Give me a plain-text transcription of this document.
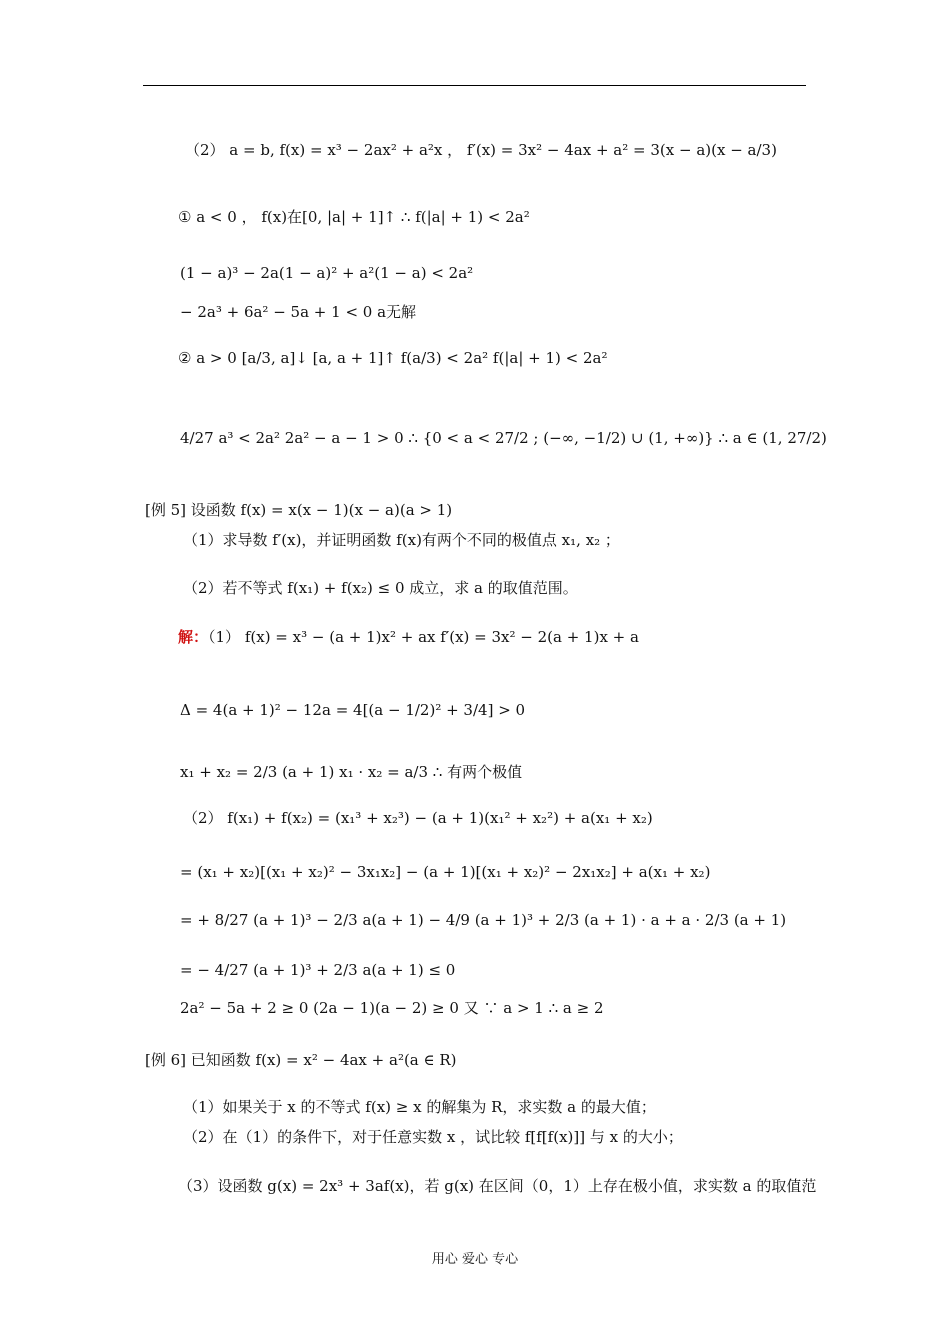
（2） a = b, f(x) = x³ − 2ax² + a²x ， f′(x) = 3x² − 4ax + a² = 3(x − a)(x − a/3)
① a < 0 ， f(x)在[0, |a| + 1]↑ ∴ f(|a| + 1) < 2a²
(1 − a)³ − 2a(1 − a)² + a²(1 − a) < 2a²
− 2a³ + 6a² − 5a + 1 < 0 a无解
② a > 0 [a/3, a]↓ [a, a + 1]↑ f(a/3) < 2a² f(|a| + 1) < 2a²
4/27 a³ < 2a² 2a² − a − 1 > 0 ∴ {0 < a < 27/2 ; (−∞, −1/2) ∪ (1, +∞)} ∴ a ∈ (1, 27/2)
[例 5] 设函数 f(x) = x(x − 1)(x − a)(a > 1)
（1）求导数 f′(x)，并证明函数 f(x)有两个不同的极值点 x₁, x₂ ；
（2）若不等式 f(x₁) + f(x₂) ≤ 0 成立，求 a 的取值范围。
解：（1） f(x) = x³ − (a + 1)x² + ax f′(x) = 3x² − 2(a + 1)x + a
Δ = 4(a + 1)² − 12a = 4[(a − 1/2)² + 3/4] > 0
x₁ + x₂ = 2/3 (a + 1) x₁ · x₂ = a/3 ∴ 有两个极值
（2） f(x₁) + f(x₂) = (x₁³ + x₂³) − (a + 1)(x₁² + x₂²) + a(x₁ + x₂)
= (x₁ + x₂)[(x₁ + x₂)² − 3x₁x₂] − (a + 1)[(x₁ + x₂)² − 2x₁x₂] + a(x₁ + x₂)
= + 8/27 (a + 1)³ − 2/3 a(a + 1) − 4/9 (a + 1)³ + 2/3 (a + 1) · a + a · 2/3 (a + 1)
= − 4/27 (a + 1)³ + 2/3 a(a + 1) ≤ 0
2a² − 5a + 2 ≥ 0 (2a − 1)(a − 2) ≥ 0 又 ∵ a > 1 ∴ a ≥ 2
[例 6] 已知函数 f(x) = x² − 4ax + a²(a ∈ R)
（1）如果关于 x 的不等式 f(x) ≥ x 的解集为 R，求实数 a 的最大值；
（2）在（1）的条件下，对于任意实数 x ，试比较 f[f[f(x)]] 与 x 的大小；
（3）设函数 g(x) = 2x³ + 3af(x)，若 g(x) 在区间（0，1）上存在极小值，求实数 a 的取值范
用心 爱心 专心
